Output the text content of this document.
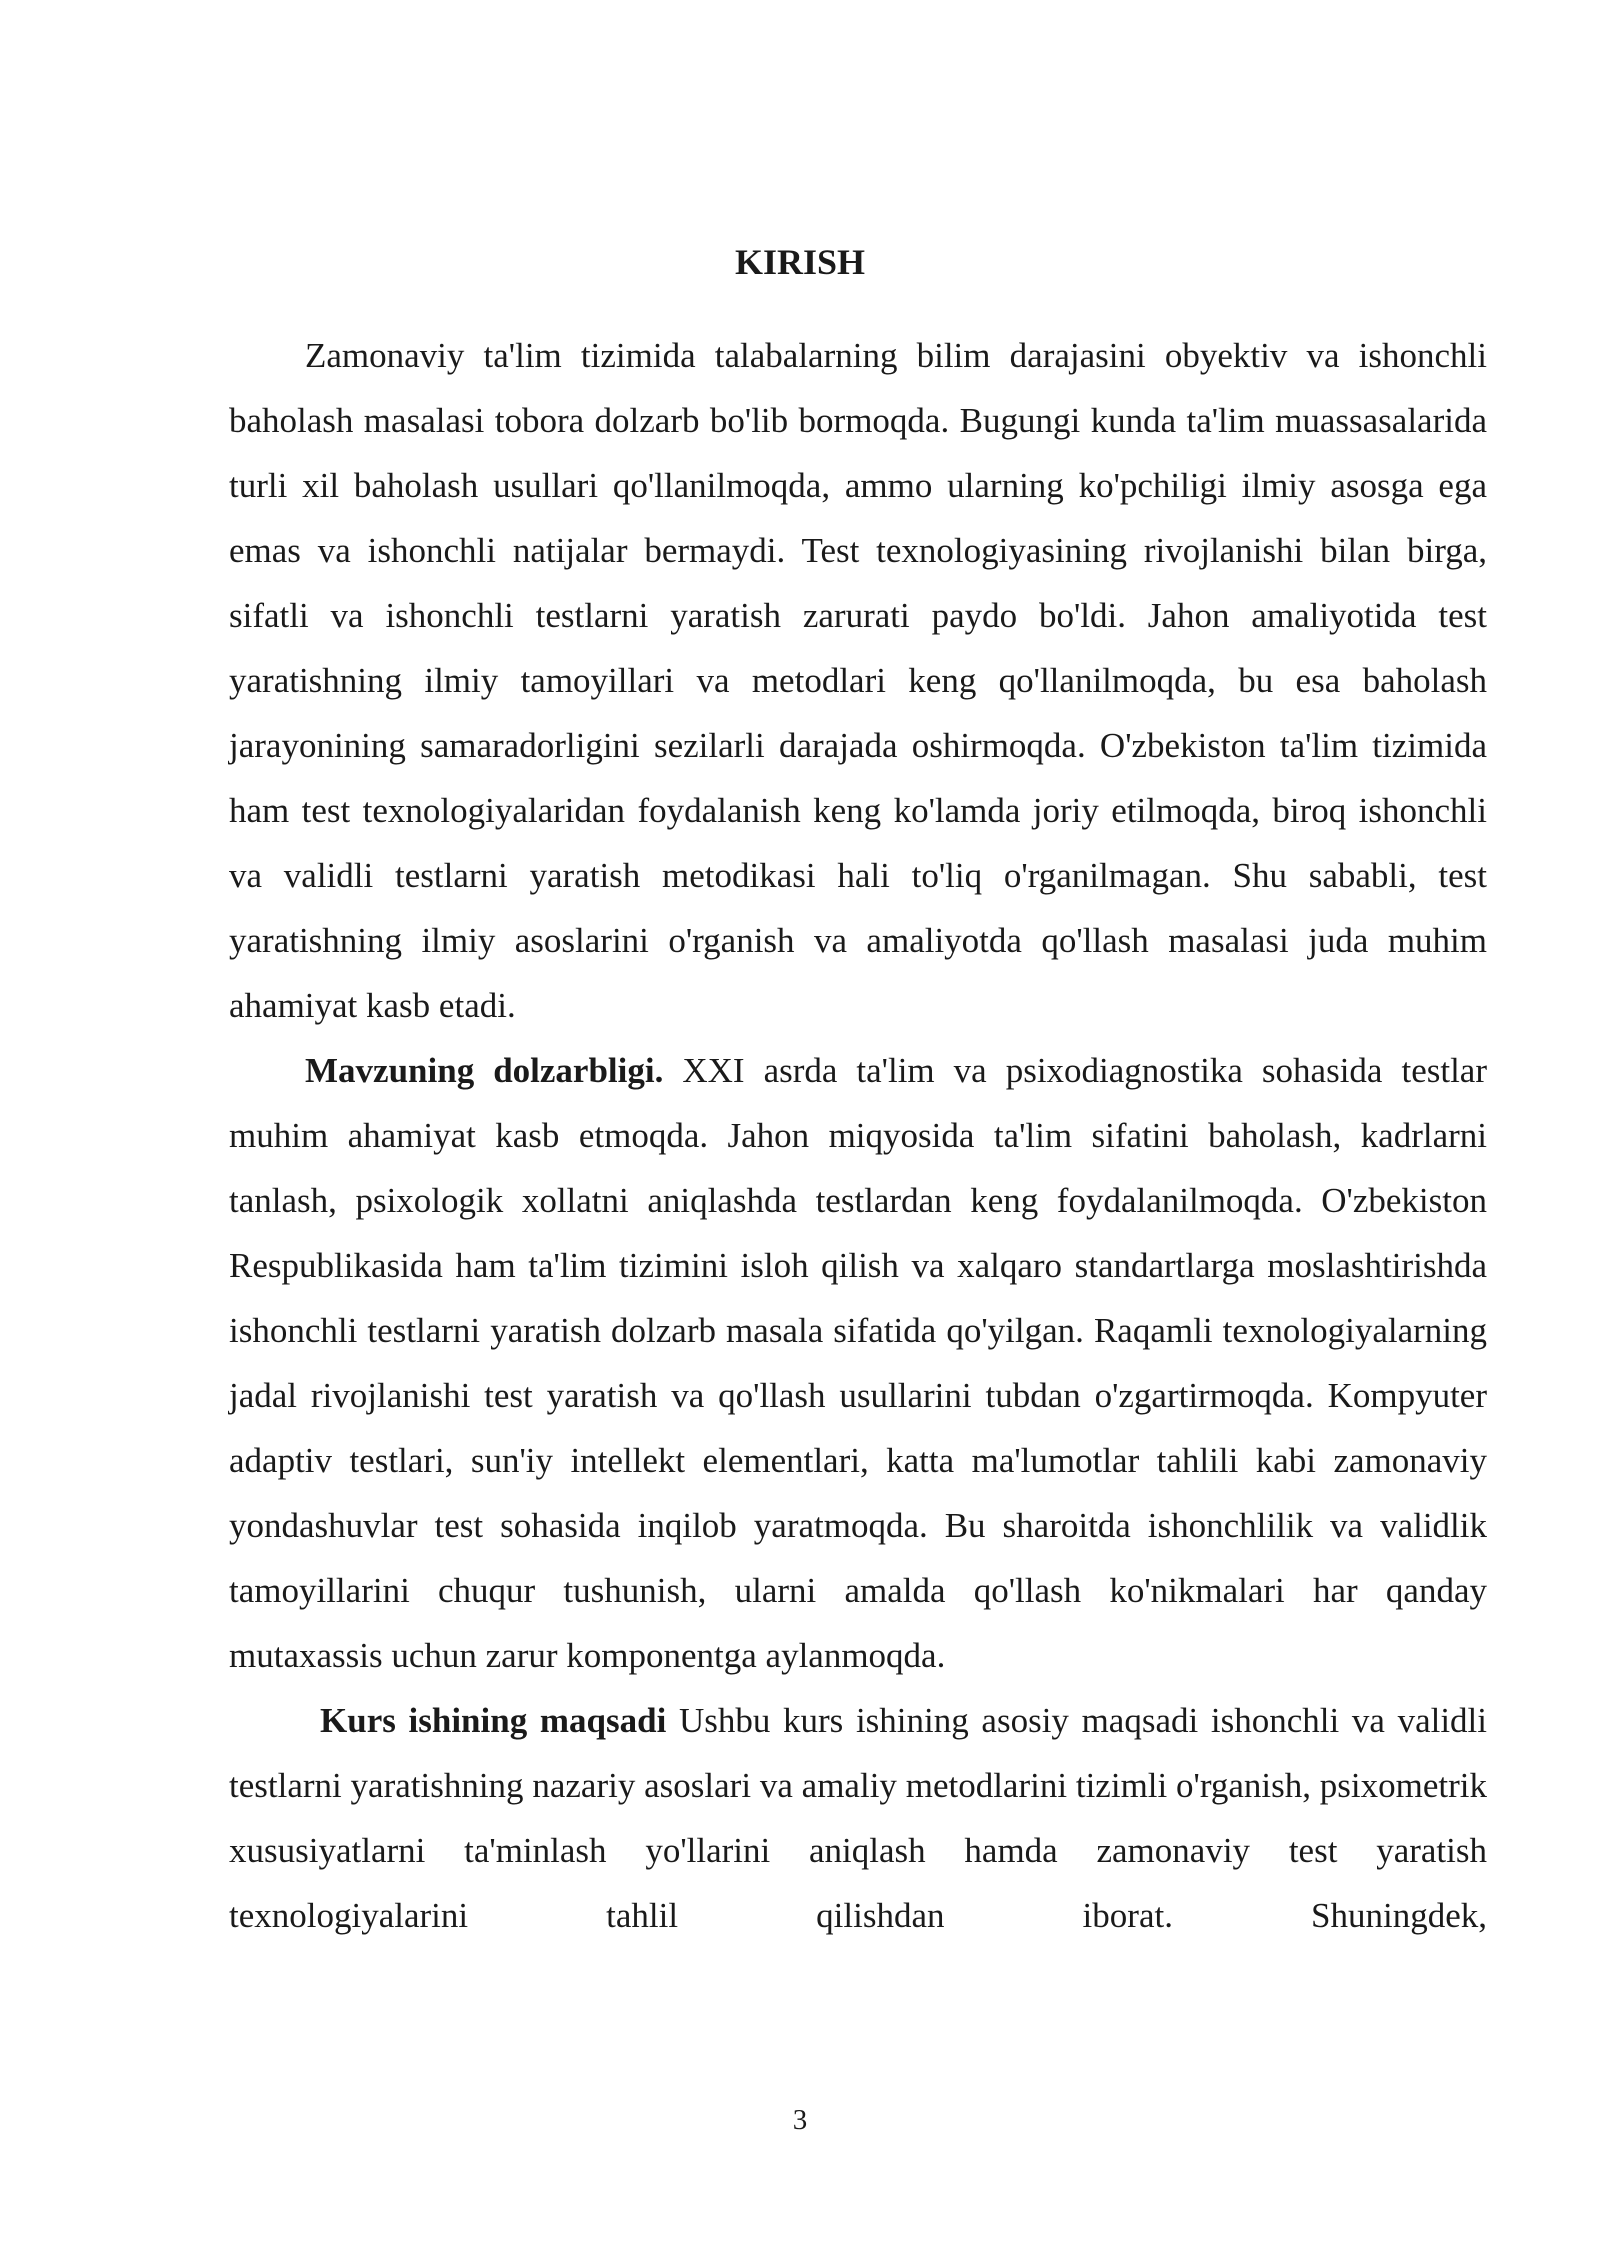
KIRISH

Zamonaviy ta'lim tizimida talabalarning bilim darajasini obyektiv va ishonchli baholash masalasi tobora dolzarb bo'lib bormoqda. Bugungi kunda ta'lim muassasalarida turli xil baholash usullari qo'llanilmoqda, ammo ularning ko'pchiligi ilmiy asosga ega emas va ishonchli natijalar bermaydi. Test texnologiyasining rivojlanishi bilan birga, sifatli va ishonchli testlarni yaratish zarurati paydo bo'ldi. Jahon amaliyotida test yaratishning ilmiy tamoyillari va metodlari keng qo'llanilmoqda, bu esa baholash jarayonining samaradorligini sezilarli darajada oshirmoqda. O'zbekiston ta'lim tizimida ham test texnologiyalaridan foydalanish keng ko'lamda joriy etilmoqda, biroq ishonchli va validli testlarni yaratish metodikasi hali to'liq o'rganilmagan. Shu sababli, test yaratishning ilmiy asoslarini o'rganish va amaliyotda qo'llash masalasi juda muhim ahamiyat kasb etadi.

Mavzuning dolzarbligi. XXI asrda ta'lim va psixodiagnostika sohasida testlar muhim ahamiyat kasb etmoqda. Jahon miqyosida ta'lim sifatini baholash, kadrlarni tanlash, psixologik xollatni aniqlashda testlardan keng foydalanilmoqda. O'zbekiston Respublikasida ham ta'lim tizimini isloh qilish va xalqaro standartlarga moslashtirishda ishonchli testlarni yaratish dolzarb masala sifatida qo'yilgan. Raqamli texnologiyalarning jadal rivojlanishi test yaratish va qo'llash usullarini tubdan o'zgartirmoqda. Kompyuter adaptiv testlari, sun'iy intellekt elementlari, katta ma'lumotlar tahlili kabi zamonaviy yondashuvlar test sohasida inqilob yaratmoqda. Bu sharoitda ishonchlilik va validlik tamoyillarini chuqur tushunish, ularni amalda qo'llash ko'nikmalari har qanday mutaxassis uchun zarur komponentga aylanmoqda.

Kurs ishining maqsadi Ushbu kurs ishining asosiy maqsadi ishonchli va validli testlarni yaratishning nazariy asoslari va amaliy metodlarini tizimli o'rganish, psixometrik xususiyatlarni ta'minlash yo'llarini aniqlash hamda zamonaviy test yaratish texnologiyalarini tahlil qilishdan iborat. Shuningdek,

3
